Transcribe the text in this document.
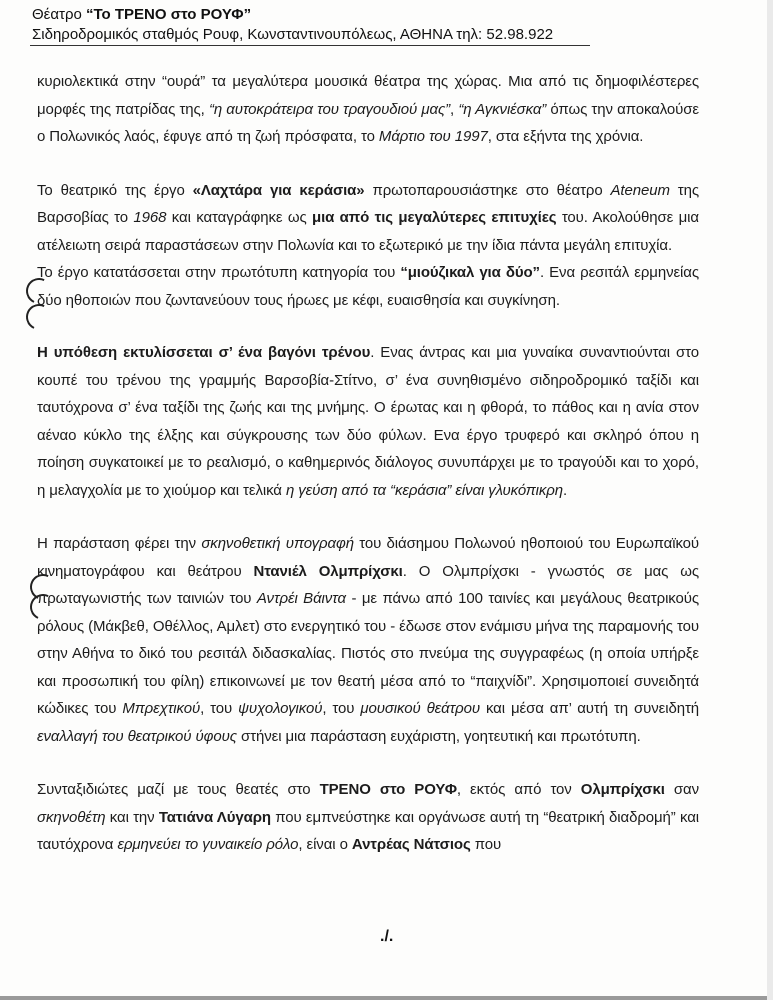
Θέατρο “Το ΤΡΕΝΟ στο ΡΟΥΦ”
Σιδηροδρομικός σταθμός Ρουφ, Κωνσταντινουπόλεως, ΑΘΗΝΑ τηλ: 52.98.922

κυριολεκτικά στην “ουρά” τα μεγαλύτερα μουσικά θέατρα της χώρας. Μια από τις δημοφιλέστερες μορφές της πατρίδας της, “η αυτοκράτειρα του τραγουδιού μας”, “η Αγκνιέσκα” όπως την αποκαλούσε ο Πολωνικός λαός, έφυγε από τη ζωή πρόσφατα, το Μάρτιο του 1997, στα εξήντα της χρόνια.

Το θεατρικό της έργο «Λαχτάρα για κεράσια» πρωτοπαρουσιάστηκε στο θέατρο Ateneum της Βαρσοβίας το 1968 και καταγράφηκε ως μια από τις μεγαλύτερες επιτυχίες του. Ακολούθησε μια ατέλειωτη σειρά παραστάσεων στην Πολωνία και το εξωτερικό με την ίδια πάντα μεγάλη επιτυχία.

Το έργο κατατάσσεται στην πρωτότυπη κατηγορία του “μιούζικαλ για δύο”. Ενα ρεσιτάλ ερμηνείας δύο ηθοποιών που ζωντανεύουν τους ήρωες με κέφι, ευαισθησία και συγκίνηση.

Η υπόθεση εκτυλίσσεται σ’ ένα βαγόνι τρένου. Ενας άντρας και μια γυναίκα συναντιούνται στο κουπέ του τρένου της γραμμής Βαρσοβία-Στίτνο, σ’ ένα συνηθισμένο σιδηροδρομικό ταξίδι και ταυτόχρονα σ’ ένα ταξίδι της ζωής και της μνήμης. Ο έρωτας και η φθορά, το πάθος και η ανία στον αέναο κύκλο της έλξης και σύγκρουσης των δύο φύλων. Ενα έργο τρυφερό και σκληρό όπου η ποίηση συγκατοικεί με το ρεαλισμό, ο καθημερινός διάλογος συνυπάρχει με το τραγούδι και το χορό, η μελαγχολία με το χιούμορ και τελικά η γεύση από τα “κεράσια” είναι γλυκόπικρη.

Η παράσταση φέρει την σκηνοθετική υπογραφή του διάσημου Πολωνού ηθοποιού του Ευρωπαϊκού κινηματογράφου και θεάτρου Ντανιέλ Ολμπρίχσκι. Ο Ολμπρίχσκι - γνωστός σε μας ως πρωταγωνιστής των ταινιών του Αντρέι Βάιντα - με πάνω από 100 ταινίες και μεγάλους θεατρικούς ρόλους (Μάκβεθ, Οθέλλος, Αμλετ) στο ενεργητικό του - έδωσε στον ενάμισυ μήνα της παραμονής του στην Αθήνα το δικό του ρεσιτάλ διδασκαλίας. Πιστός στο πνεύμα της συγγραφέως (η οποία υπήρξε και προσωπική του φίλη) επικοινωνεί με τον θεατή μέσα από το “παιχνίδι”. Χρησιμοποιεί συνειδητά κώδικες του Μπρεχτικού, του ψυχολογικού, του μουσικού θεάτρου και μέσα απ’ αυτή τη συνειδητή εναλλαγή του θεατρικού ύφους στήνει μια παράσταση ευχάριστη, γοητευτική και πρωτότυπη.

Συνταξιδιώτες μαζί με τους θεατές στο ΤΡΕΝΟ στο ΡΟΥΦ, εκτός από τον Ολμπρίχσκι σαν σκηνοθέτη και την Τατιάνα Λύγαρη που εμπνεύστηκε και οργάνωσε αυτή τη “θεατρική διαδρομή” και ταυτόχρονα ερμηνεύει το γυναικείο ρόλο, είναι ο Αντρέας Νάτσιος που

./.
